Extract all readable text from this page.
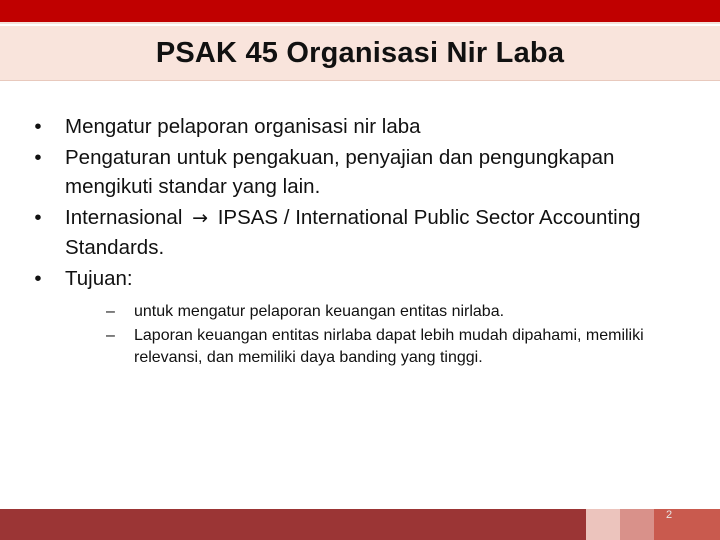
PSAK 45 Organisasi Nir Laba
•	Mengatur pelaporan organisasi nir laba
•	Pengaturan untuk pengakuan, penyajian dan pengungkapan mengikuti standar yang lain.
•	Internasional → IPSAS / International Public Sector Accounting Standards.
•	Tujuan:
– untuk mengatur pelaporan keuangan entitas nirlaba.
– Laporan keuangan entitas nirlaba dapat lebih mudah dipahami, memiliki relevansi, dan memiliki daya banding yang tinggi.
2
